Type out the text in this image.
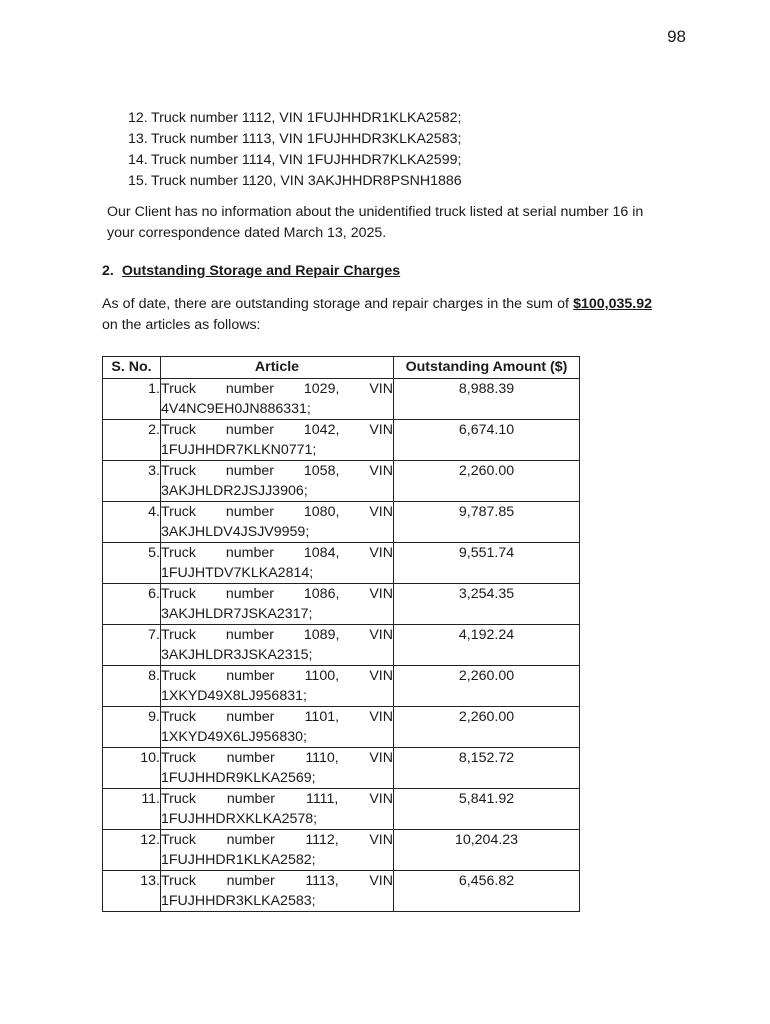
98
12. Truck number 1112, VIN 1FUJHHDR1KLKA2582;
13. Truck number 1113, VIN 1FUJHHDR3KLKA2583;
14. Truck number 1114, VIN 1FUJHHDR7KLKA2599;
15. Truck number 1120, VIN 3AKJHHDR8PSNH1886

Our Client has no information about the unidentified truck listed at serial number 16 in your correspondence dated March 13, 2025.

2. Outstanding Storage and Repair Charges

As of date, there are outstanding storage and repair charges in the sum of $100,035.92 on the articles as follows:

S. No.	Article	Outstanding Amount ($)
1.	Truck number 1029, VIN
4V4NC9EH0JN886331;	8,988.39
2.	Truck number 1042, VIN
1FUJHHDR7KLKN0771;	6,674.10
3.	Truck number 1058, VIN
3AKJHLDR2JSJJ3906;	2,260.00
4.	Truck number 1080, VIN
3AKJHLDV4JSJV9959;	9,787.85
5.	Truck number 1084, VIN
1FUJHTDV7KLKA2814;	9,551.74
6.	Truck number 1086, VIN
3AKJHLDR7JSKA2317;	3,254.35
7.	Truck number 1089, VIN
3AKJHLDR3JSKA2315;	4,192.24
8.	Truck number 1100, VIN
1XKYD49X8LJ956831;	2,260.00
9.	Truck number 1101, VIN
1XKYD49X6LJ956830;	2,260.00
10.	Truck number 1110, VIN
1FUJHHDR9KLKA2569;	8,152.72
11.	Truck number 1111, VIN
1FUJHHDRXKLKA2578;	5,841.92
12.	Truck number 1112, VIN
1FUJHHDR1KLKA2582;	10,204.23
13.	Truck number 1113, VIN
1FUJHHDR3KLKA2583;	6,456.82
